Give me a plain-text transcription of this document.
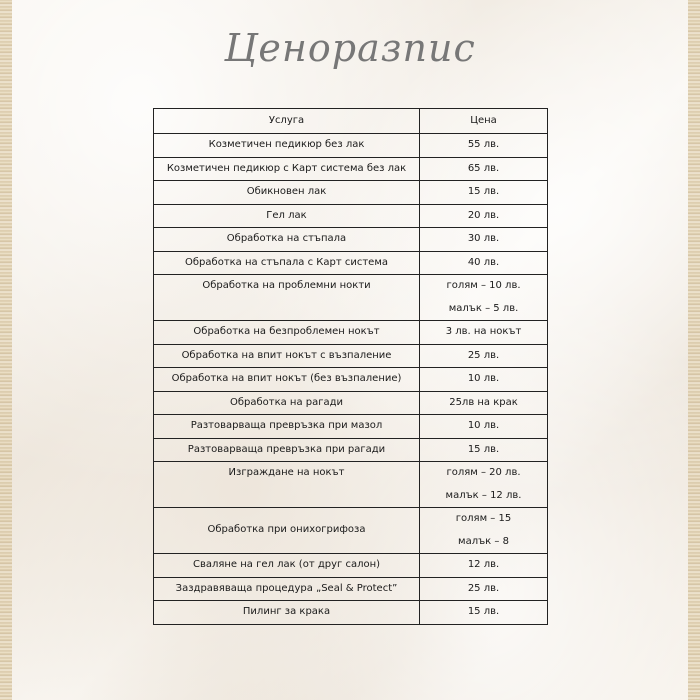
Ценоразпис
Услуга	Цена
Козметичен педикюр без лак	55 лв.
Козметичен педикюр с Карт система без лак	65 лв.
Обикновен лак	15 лв.
Гел лак	20 лв.
Обработка на стъпала	30 лв.
Обработка на стъпала с Карт система	40 лв.
Обработка на проблемни нокти	голям – 10 лв.
малък – 5 лв.

Обработка на безпроблемен нокът	3 лв. на нокът
Обработка на впит нокът с възпаление	25 лв.
Обработка на впит нокът (без възпаление)	10 лв.
Обработка на рагади	25лв на крак
Разтоварваща превръзка при мазол	10 лв.
Разтоварваща превръзка при рагади	15 лв.
Изграждане на нокът	голям – 20 лв.
малък – 12 лв.

Обработка при онихогрифоза	голям – 15
малък – 8

Сваляне на гел лак (от друг салон)	12 лв.
Заздравяваща процедура „Seal & Protect”	25 лв.
Пилинг за крака	15 лв.
